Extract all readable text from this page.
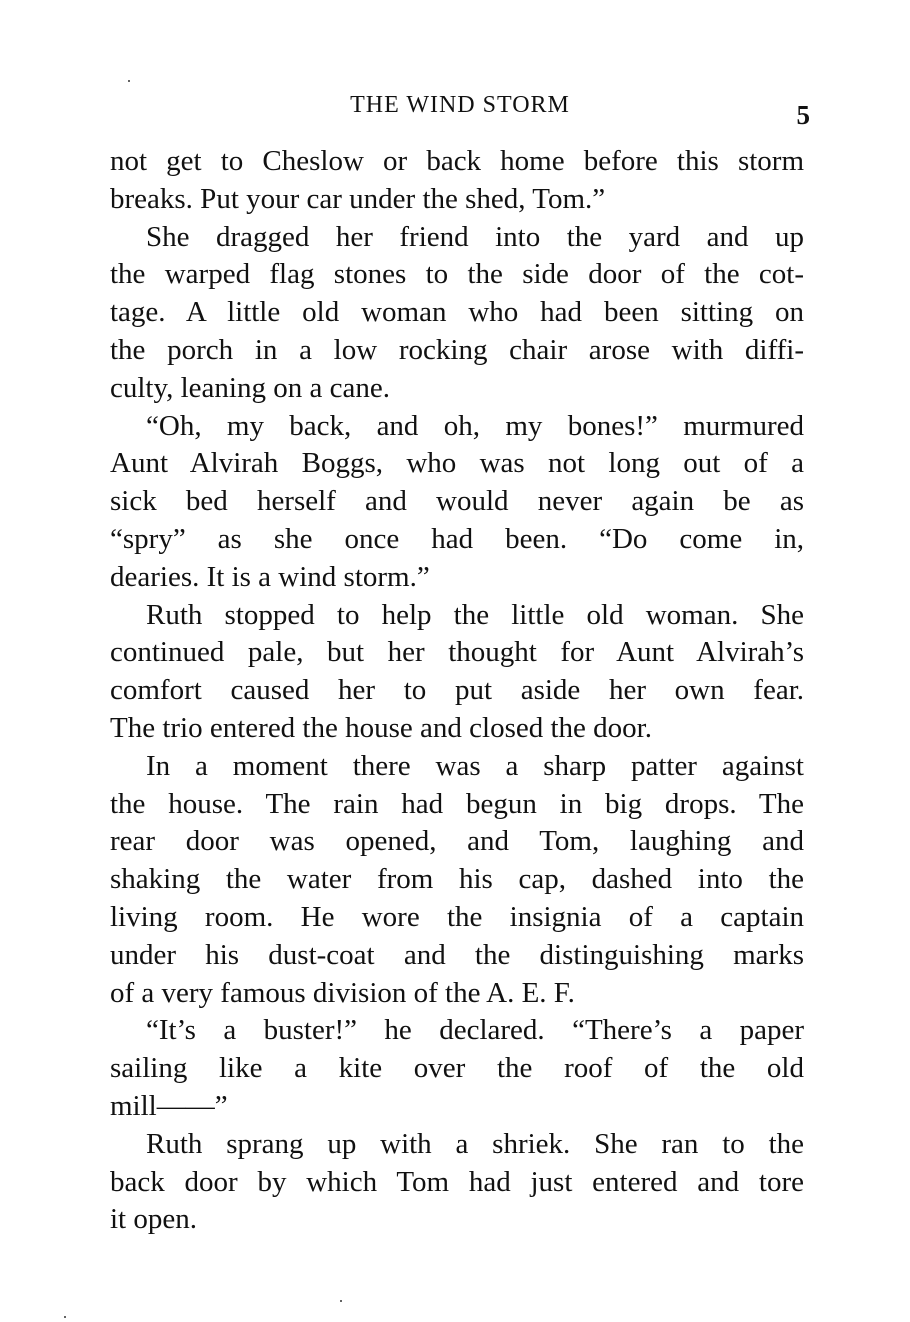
THE WIND STORM	5
not get to Cheslow or back home before this storm
breaks. Put your car under the shed, Tom.”
She dragged her friend into the yard and up
the warped flag stones to the side door of the cot-
tage. A little old woman who had been sitting on
the porch in a low rocking chair arose with diffi-
culty, leaning on a cane.
“Oh, my back, and oh, my bones!” murmured
Aunt Alvirah Boggs, who was not long out of a
sick bed herself and would never again be as
“spry” as she once had been. “Do come in,
dearies. It is a wind storm.”
Ruth stopped to help the little old woman. She
continued pale, but her thought for Aunt Alvirah’s
comfort caused her to put aside her own fear.
The trio entered the house and closed the door.
In a moment there was a sharp patter against
the house. The rain had begun in big drops. The
rear door was opened, and Tom, laughing and
shaking the water from his cap, dashed into the
living room. He wore the insignia of a captain
under his dust-coat and the distinguishing marks
of a very famous division of the A. E. F.
“It’s a buster!” he declared. “There’s a paper
sailing like a kite over the roof of the old
mill——”
Ruth sprang up with a shriek. She ran to the
back door by which Tom had just entered and tore
it open.
